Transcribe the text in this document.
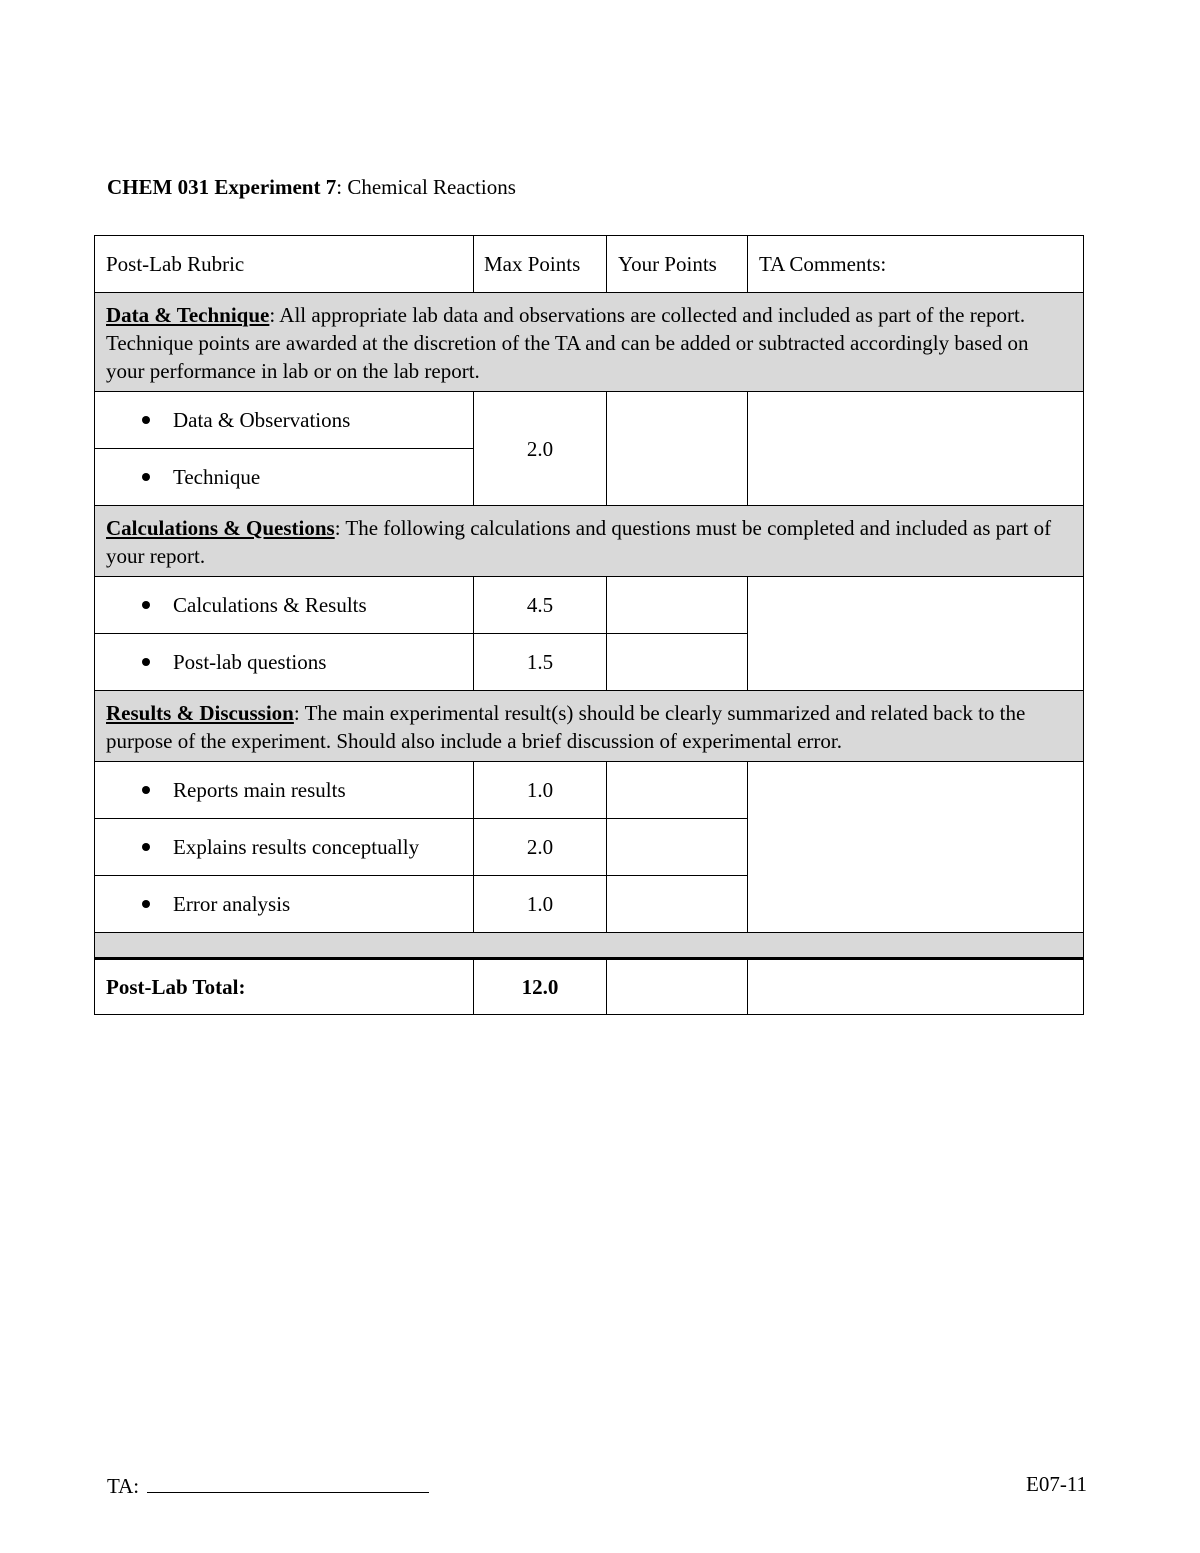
CHEM 031 Experiment 7: Chemical Reactions
Post-Lab Rubric	Max Points	Your Points	TA Comments:
Data & Technique: All appropriate lab data and observations are collected and included as part of the report. Technique points are awarded at the discretion of the TA and can be added or subtracted accordingly based on your performance in lab or on the lab report.			
Data & Observations	2.0		
Technique			
Calculations & Questions: The following calculations and questions must be completed and included as part of your report.			
Calculations & Results	4.5		
Post-lab questions	1.5		
Results & Discussion: The main experimental result(s) should be clearly summarized and related back to the purpose of the experiment. Should also include a brief discussion of experimental error.			
Reports main results	1.0		
Explains results conceptually	2.0		
Error analysis	1.0		

Post-Lab Total:	12.0		
TA:	E07-11
